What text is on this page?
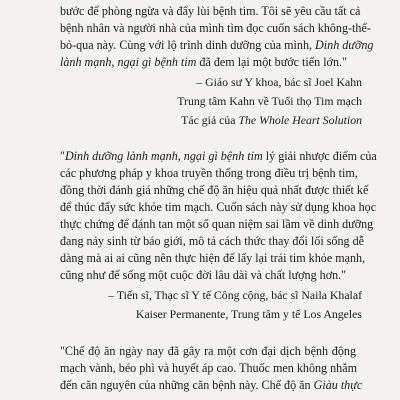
bước để phòng ngừa và đẩy lùi bệnh tim. Tôi sẽ yêu cầu tất cả
bệnh nhân và người nhà của mình tìm đọc cuốn sách không-thể-
bỏ-qua này. Cùng với lộ trình dinh dưỡng của mình, Dinh dưỡng
lành mạnh, ngại gì bệnh tim đã đem lại một bước tiến lớn."
– Giáo sư Y khoa, bác sĩ Joel Kahn
Trung tâm Kahn về Tuổi thọ Tim mạch
Tác giả của The Whole Heart Solution
"Dinh dưỡng lành mạnh, ngại gì bệnh tim lý giải nhược điểm của
các phương pháp y khoa truyền thống trong điều trị bệnh tim,
đồng thời đánh giá những chế độ ăn hiệu quả nhất được thiết kế
để thúc đẩy sức khỏe tim mạch. Cuốn sách này sử dụng khoa học
thực chứng để đánh tan một số quan niệm sai lầm về dinh dưỡng
đang nảy sinh từ báo giới, mô tả cách thức thay đổi lối sống dễ
dàng mà ai ai cũng nên thực hiện để lấy lại trái tim khỏe mạnh,
cũng như để sống một cuộc đời lâu dài và chất lượng hơn."
– Tiến sĩ, Thạc sĩ Y tế Công cộng, bác sĩ Naila Khalaf
Kaiser Permanente, Trung tâm y tế Los Angeles
"Chế độ ăn ngày nay đã gây ra một cơn đại dịch bệnh động
mạch vành, béo phì và huyết áp cao. Thuốc men không nhắm
đến căn nguyên của những căn bệnh này. Chế độ ăn Giàu thực
